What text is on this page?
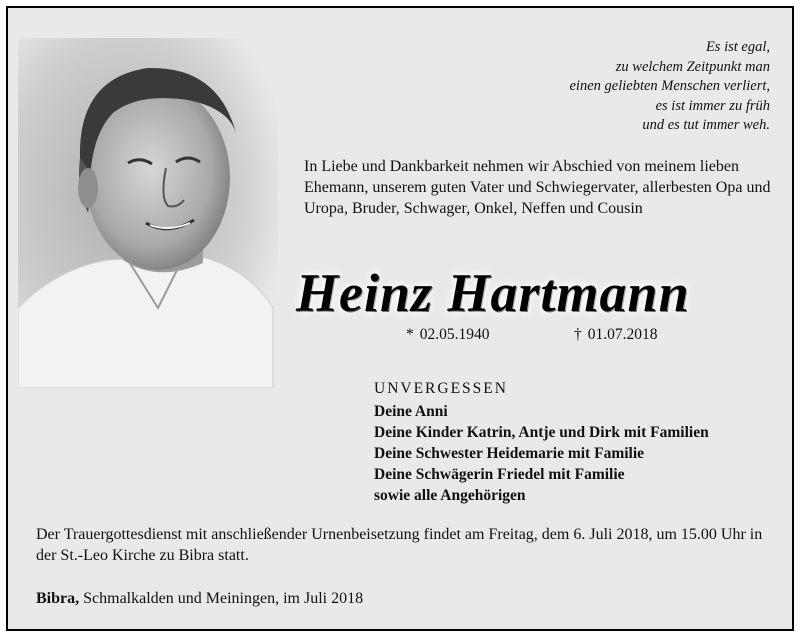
Es ist egal,
zu welchem Zeitpunkt man
einen geliebten Menschen verliert,
es ist immer zu früh
und es tut immer weh.
In Liebe und Dankbarkeit nehmen wir Abschied von meinem lieben Ehemann, unserem guten Vater und Schwiegervater, allerbesten Opa und Uropa, Bruder, Schwager, Onkel, Neffen und Cousin
Heinz Hartmann
* 02.05.1940	† 01.07.2018
UNVERGESSEN
Deine Anni
Deine Kinder Katrin, Antje und Dirk mit Familien
Deine Schwester Heidemarie mit Familie
Deine Schwägerin Friedel mit Familie
sowie alle Angehörigen
Der Trauergottesdienst mit anschließender Urnenbeisetzung findet am Freitag, dem 6. Juli 2018, um 15.00 Uhr in der St.-Leo Kirche zu Bibra statt.
Bibra, Schmalkalden und Meiningen, im Juli 2018
